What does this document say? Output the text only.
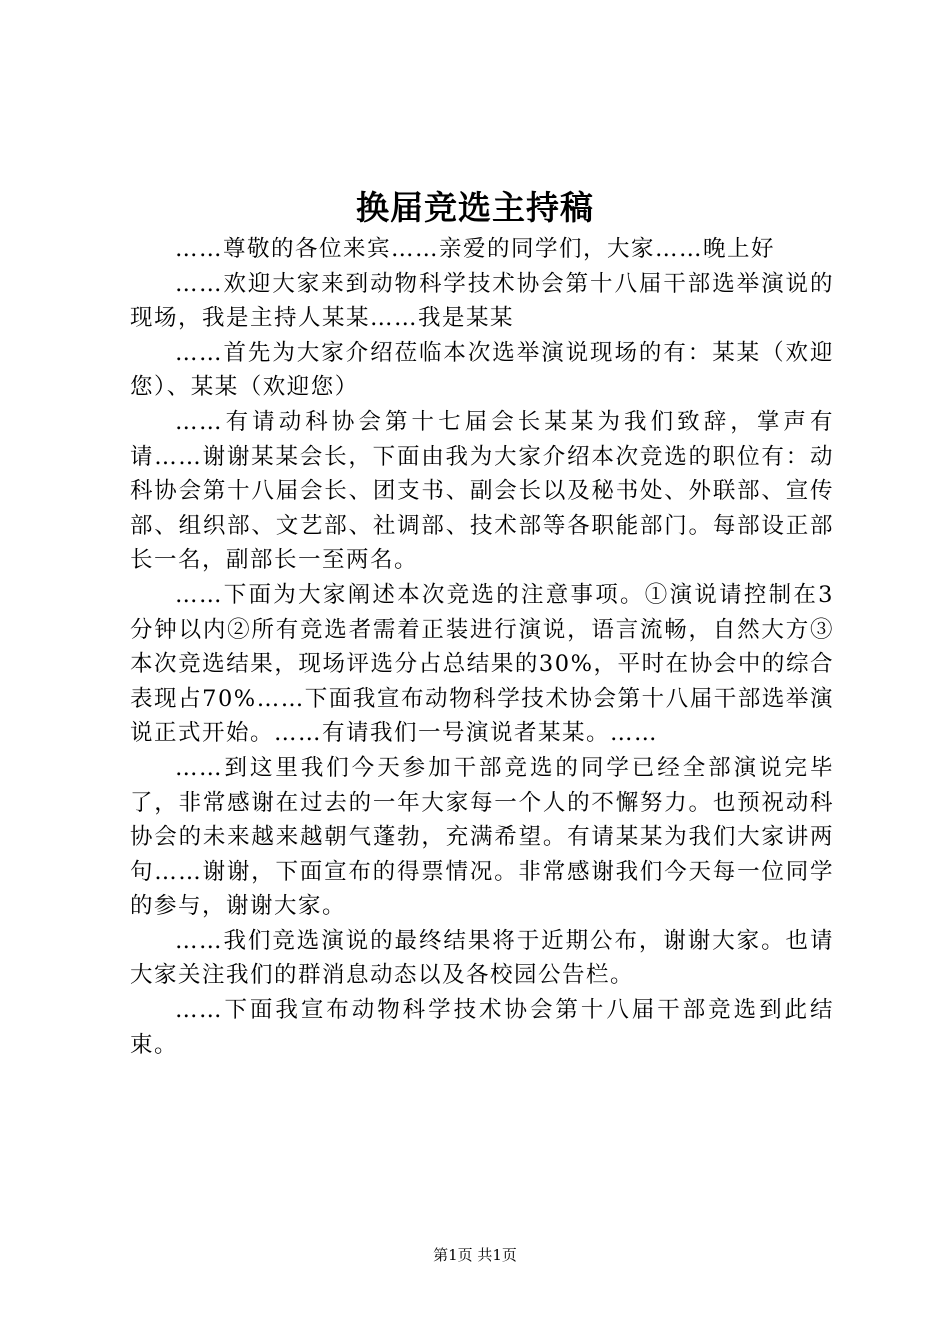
换届竞选主持稿

……尊敬的各位来宾……亲爱的同学们，大家……晚上好

……欢迎大家来到动物科学技术协会第十八届干部选举演说的现场，我是主持人某某……我是某某

……首先为大家介绍莅临本次选举演说现场的有：某某（欢迎您）、某某（欢迎您）

……有请动科协会第十七届会长某某为我们致辞，掌声有请……谢谢某某会长，下面由我为大家介绍本次竞选的职位有：动科协会第十八届会长、团支书、副会长以及秘书处、外联部、宣传部、组织部、文艺部、社调部、技术部等各职能部门。每部设正部长一名，副部长一至两名。

……下面为大家阐述本次竞选的注意事项。①演说请控制在3分钟以内②所有竞选者需着正装进行演说，语言流畅，自然大方③本次竞选结果，现场评选分占总结果的30%，平时在协会中的综合表现占70%……下面我宣布动物科学技术协会第十八届干部选举演说正式开始。……有请我们一号演说者某某。……

……到这里我们今天参加干部竞选的同学已经全部演说完毕了，非常感谢在过去的一年大家每一个人的不懈努力。也预祝动科协会的未来越来越朝气蓬勃，充满希望。有请某某为我们大家讲两句……谢谢，下面宣布的得票情况。非常感谢我们今天每一位同学的参与，谢谢大家。

……我们竞选演说的最终结果将于近期公布，谢谢大家。也请大家关注我们的群消息动态以及各校园公告栏。

……下面我宣布动物科学技术协会第十八届干部竞选到此结束。

第1页 共1页
